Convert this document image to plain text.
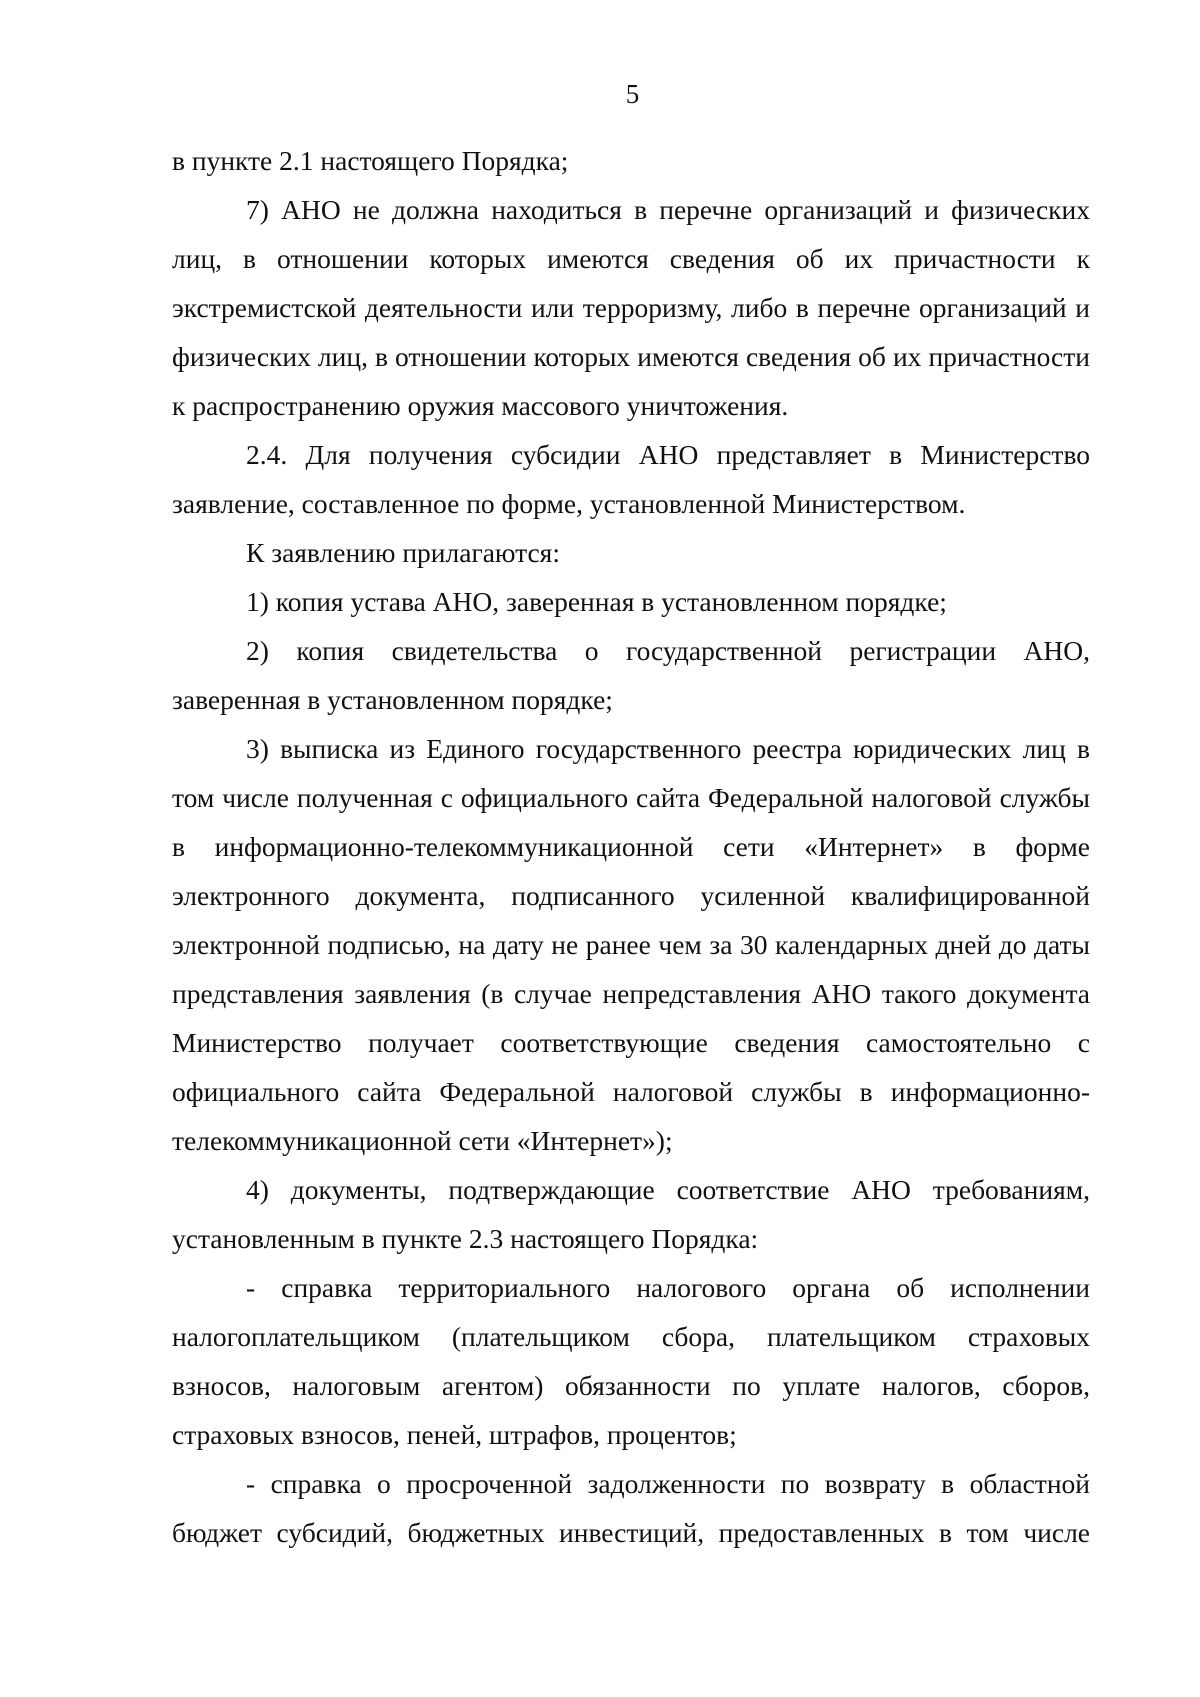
5

в пункте 2.1 настоящего Порядка;

7) АНО не должна находиться в перечне организаций и физических лиц, в отношении которых имеются сведения об их причастности к экстремистской деятельности или терроризму, либо в перечне организаций и физических лиц, в отношении которых имеются сведения об их причастности к распространению оружия массового уничтожения.

2.4. Для получения субсидии АНО представляет в Министерство заявление, составленное по форме, установленной Министерством.

К заявлению прилагаются:

1) копия устава АНО, заверенная в установленном порядке;

2) копия свидетельства о государственной регистрации АНО, заверенная в установленном порядке;

3) выписка из Единого государственного реестра юридических лиц в том числе полученная с официального сайта Федеральной налоговой службы в информационно-телекоммуникационной сети «Интернет» в форме электронного документа, подписанного усиленной квалифицированной электронной подписью, на дату не ранее чем за 30 календарных дней до даты представления заявления (в случае непредставления АНО такого документа Министерство получает соответствующие сведения самостоятельно с официального сайта Федеральной налоговой службы в информационно-телекоммуникационной сети «Интернет»);

4) документы, подтверждающие соответствие АНО требованиям, установленным в пункте 2.3 настоящего Порядка:

- справка территориального налогового органа об исполнении налогоплательщиком (плательщиком сбора, плательщиком страховых взносов, налоговым агентом) обязанности по уплате налогов, сборов, страховых взносов, пеней, штрафов, процентов;

- справка о просроченной задолженности по возврату в областной бюджет субсидий, бюджетных инвестиций, предоставленных в том числе
